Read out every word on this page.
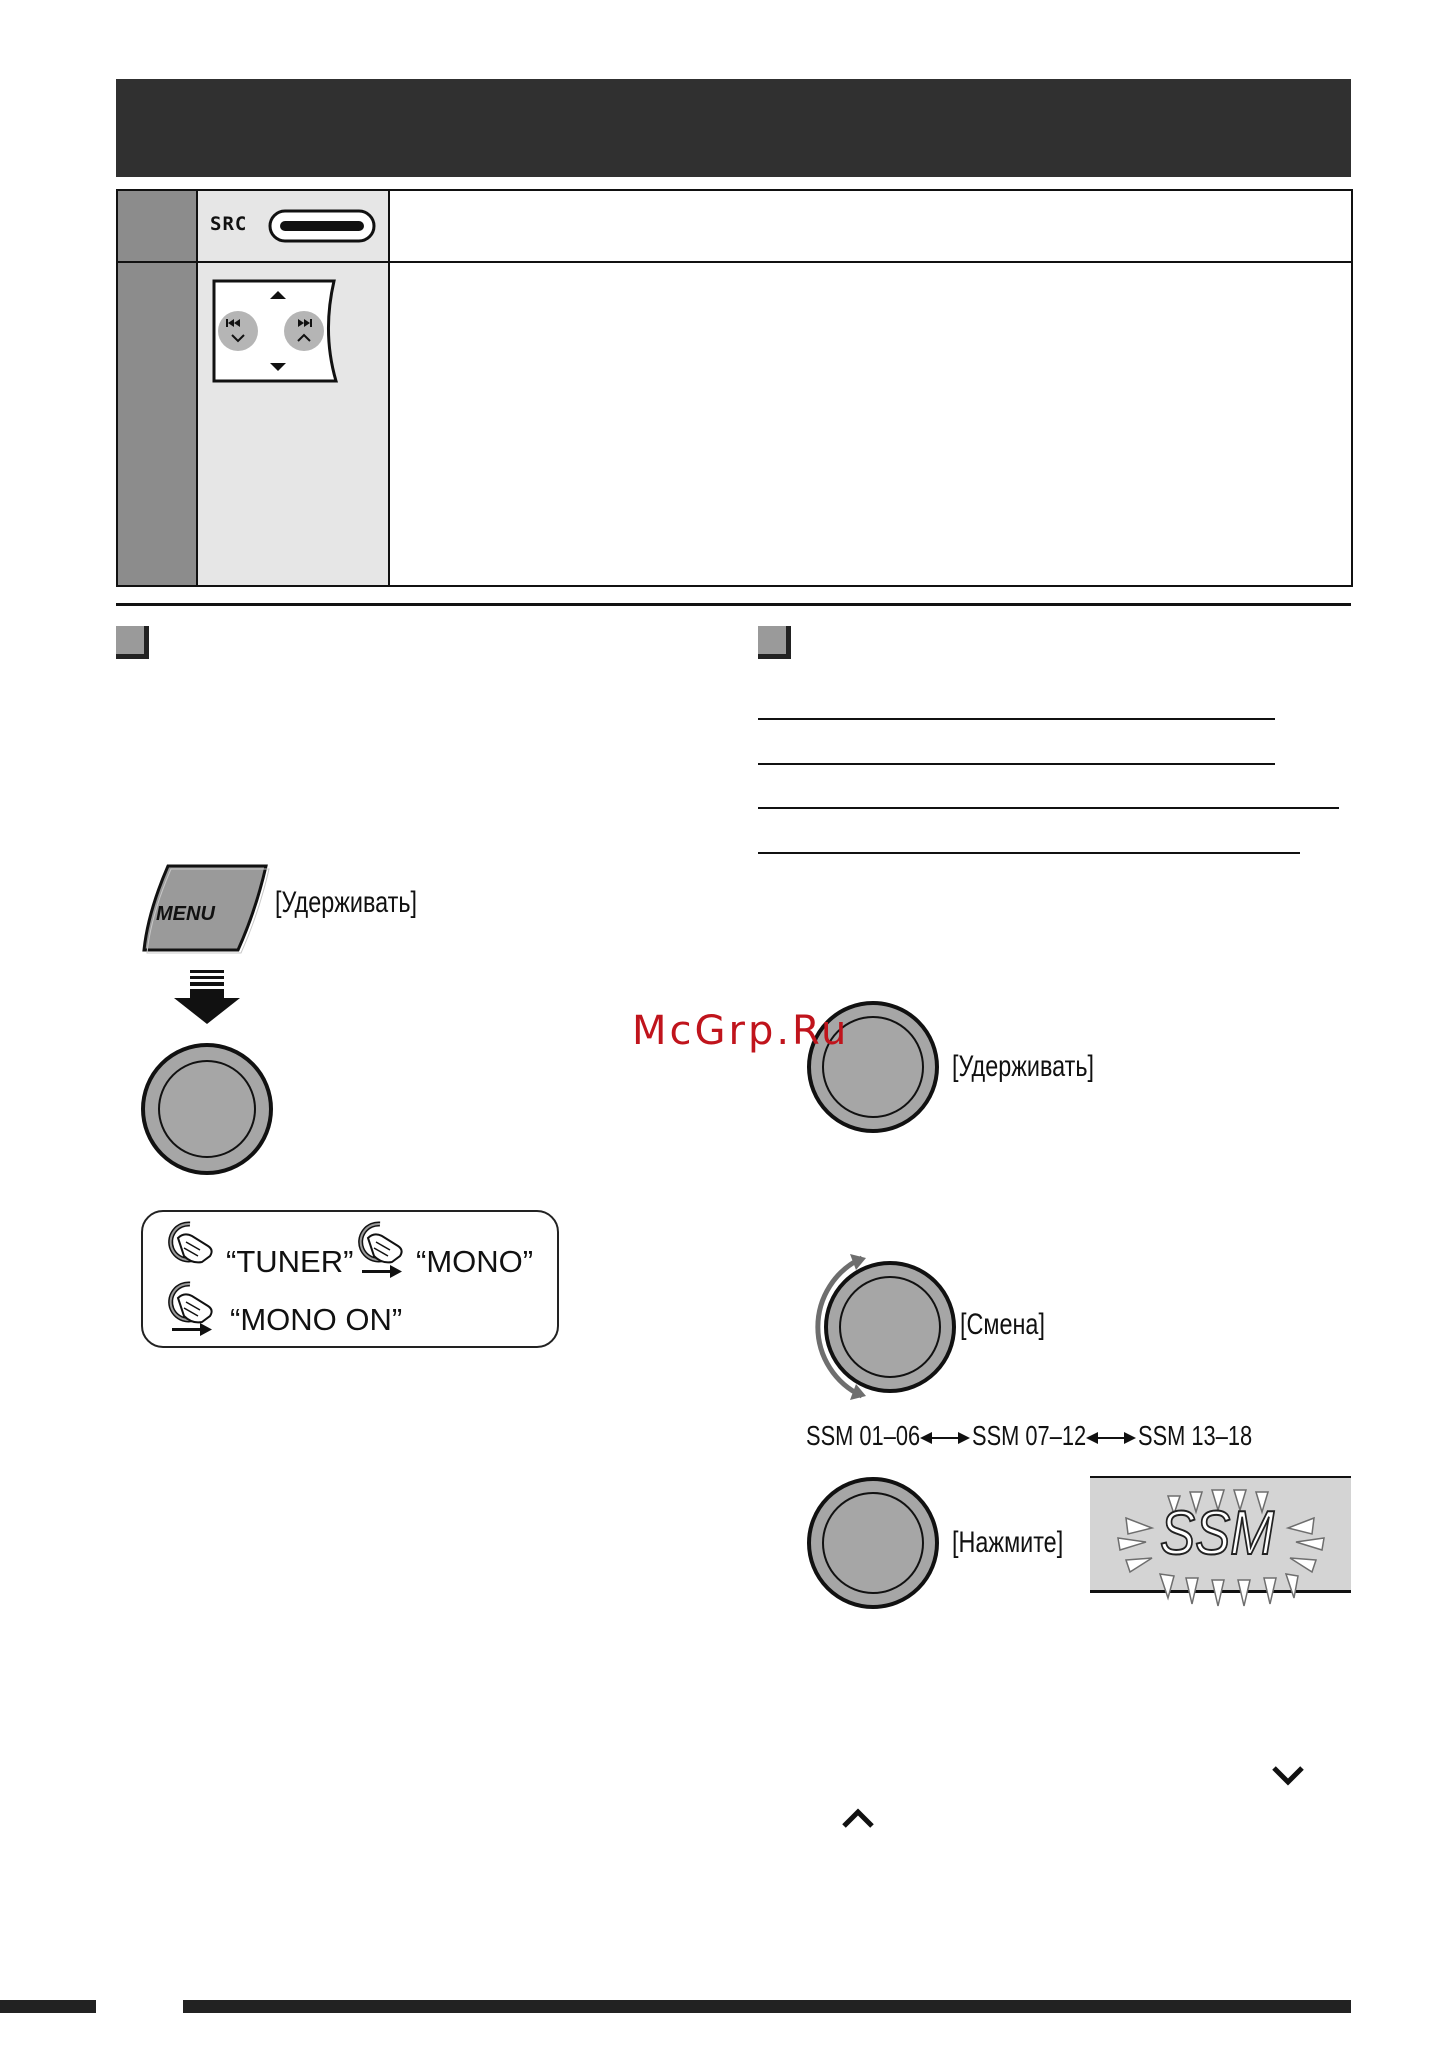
SRC
MENU [Удерживать]
“TUNER” “MONO”
“MONO ON”
[Удерживать]
[Смена]
SSM 01–06 SSM 07–12 SSM 13–18
[Нажмите] SSM
McGrp.Ru
